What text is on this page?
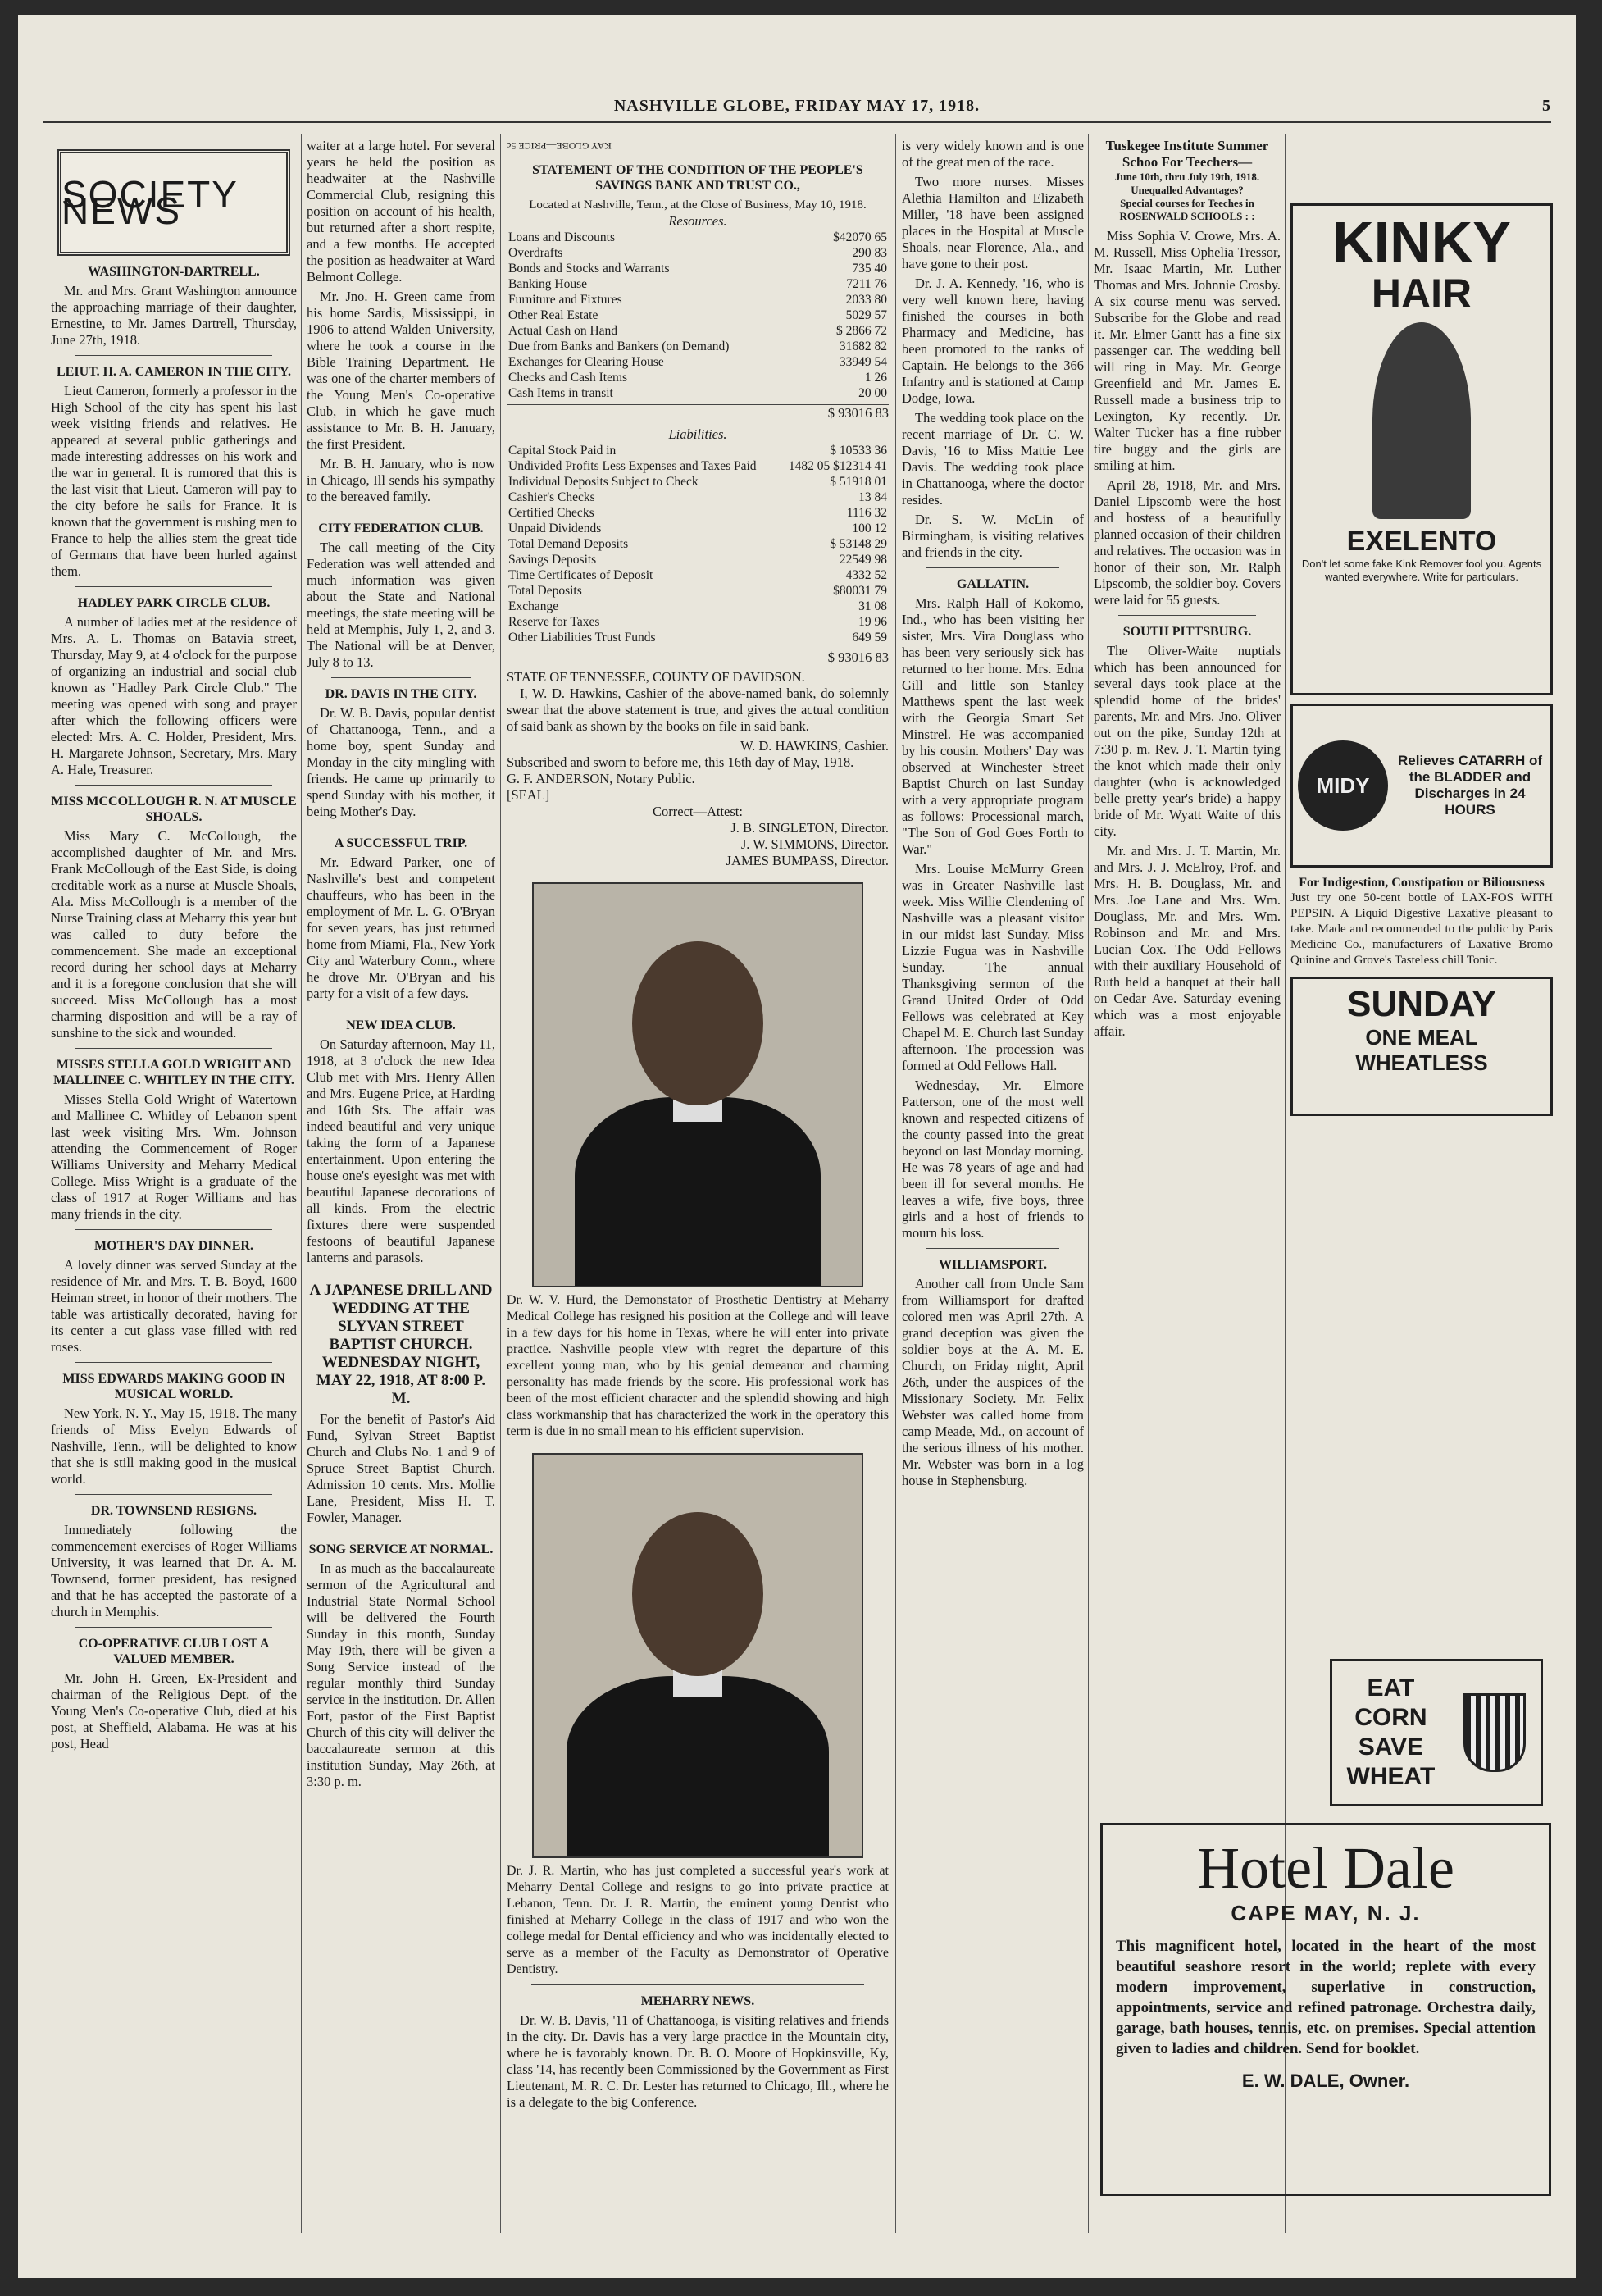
NASHVILLE GLOBE, FRIDAY MAY 17, 1918.	5
SOCIETY NEWS
WASHINGTON-DARTRELL.

Mr. and Mrs. Grant Washington announce the approaching marriage of their daughter, Ernestine, to Mr. James Dartrell, Thursday, June 27th, 1918.

LEIUT. H. A. CAMERON IN THE CITY.

Lieut Cameron, formerly a professor in the High School of the city has spent his last week visiting friends and relatives. He appeared at several public gatherings and made interesting addresses on his work and the war in general. It is rumored that this is the last visit that Lieut. Cameron will pay to the city before he sails for France. It is known that the government is rushing men to France to help the allies stem the great tide of Germans that have been hurled against them.

HADLEY PARK CIRCLE CLUB.

A number of ladies met at the residence of Mrs. A. L. Thomas on Batavia street, Thursday, May 9, at 4 o'clock for the purpose of organizing an industrial and social club known as "Hadley Park Circle Club." The meeting was opened with song and prayer after which the following officers were elected: Mrs. A. C. Holder, President, Mrs. H. Margarete Johnson, Secretary, Mrs. Mary A. Hale, Treasurer.

MISS MCCOLLOUGH R. N. AT MUSCLE SHOALS.

Miss Mary C. McCollough, the accomplished daughter of Mr. and Mrs. Frank McCollough of the East Side, is doing creditable work as a nurse at Muscle Shoals, Ala. Miss McCollough is a member of the Nurse Training class at Meharry this year but was called to duty before the commencement. She made an exceptional record during her school days at Meharry and it is a foregone conclusion that she will succeed. Miss McCollough has a most charming disposition and will be a ray of sunshine to the sick and wounded.

MISSES STELLA GOLD WRIGHT AND MALLINEE C. WHITLEY IN THE CITY.

Misses Stella Gold Wright of Watertown and Mallinee C. Whitley of Lebanon spent last week visiting Mrs. Wm. Johnson attending the Commencement of Roger Williams University and Meharry Medical College. Miss Wright is a graduate of the class of 1917 at Roger Williams and has many friends in the city.

MOTHER'S DAY DINNER.

A lovely dinner was served Sunday at the residence of Mr. and Mrs. T. B. Boyd, 1600 Heiman street, in honor of their mothers. The table was artistically decorated, having for its center a cut glass vase filled with red roses.

MISS EDWARDS MAKING GOOD IN MUSICAL WORLD.

New York, N. Y., May 15, 1918. The many friends of Miss Evelyn Edwards of Nashville, Tenn., will be delighted to know that she is still making good in the musical world.

DR. TOWNSEND RESIGNS.

Immediately following the commencement exercises of Roger Williams University, it was learned that Dr. A. M. Townsend, former president, has resigned and that he has accepted the pastorate of a church in Memphis.

CO-OPERATIVE CLUB LOST A VALUED MEMBER.

Mr. John H. Green, Ex-President and chairman of the Religious Dept. of the Young Men's Co-operative Club, died at his post, at Sheffield, Alabama. He was at his post, Head

waiter at a large hotel. For several years he held the position as headwaiter at the Nashville Commercial Club, resigning this position on account of his health, but returned after a short respite, and a few months. He accepted the position as headwaiter at Ward Belmont College.

Mr. Jno. H. Green came from his home Sardis, Mississippi, in 1906 to attend Walden University, where he took a course in the Bible Training Department. He was one of the charter members of the Young Men's Co-operative Club, in which he gave much assistance to Mr. B. H. January, the first President.

Mr. B. H. January, who is now in Chicago, Ill sends his sympathy to the bereaved family.

CITY FEDERATION CLUB.

The call meeting of the City Federation was well attended and much information was given about the State and National meetings, the state meeting will be held at Memphis, July 1, 2, and 3. The National will be at Denver, July 8 to 13.

DR. DAVIS IN THE CITY.

Dr. W. B. Davis, popular dentist of Chattanooga, Tenn., and a home boy, spent Sunday and Monday in the city mingling with friends. He came up primarily to spend Sunday with his mother, it being Mother's Day.

A SUCCESSFUL TRIP.

Mr. Edward Parker, one of Nashville's best and competent chauffeurs, who has been in the employment of Mr. L. G. O'Bryan for seven years, has just returned home from Miami, Fla., New York City and Waterbury Conn., where he drove Mr. O'Bryan and his party for a visit of a few days.

NEW IDEA CLUB.

On Saturday afternoon, May 11, 1918, at 3 o'clock the new Idea Club met with Mrs. Henry Allen and Mrs. Eugene Price, at Harding and 16th Sts. The affair was indeed beautiful and very unique taking the form of a Japanese entertainment. Upon entering the house one's eyesight was met with beautiful Japanese decorations of all kinds. From the electric fixtures there were suspended festoons of beautiful Japanese lanterns and parasols.

A JAPANESE DRILL AND WEDDING AT THE SLYVAN STREET BAPTIST CHURCH. WEDNESDAY NIGHT, MAY 22, 1918, AT 8:00 P. M.

For the benefit of Pastor's Aid Fund, Sylvan Street Baptist Church and Clubs No. 1 and 9 of Spruce Street Baptist Church. Admission 10 cents. Mrs. Mollie Lane, President, Miss H. T. Fowler, Manager.

SONG SERVICE AT NORMAL.

In as much as the baccalaureate sermon of the Agricultural and Industrial State Normal School will be delivered the Fourth Sunday in this month, Sunday May 19th, there will be given a Song Service instead of the regular monthly third Sunday service in the institution. Dr. Allen Fort, pastor of the First Baptist Church of this city will deliver the baccalaureate sermon at this institution Sunday, May 26th, at 3:30 p. m.

KAY GLOBE—PRICE 5c
STATEMENT OF THE CONDITION OF THE PEOPLE'S SAVINGS BANK AND TRUST CO.,
Located at Nashville, Tenn., at the Close of Business, May 10, 1918.
Resources.
Loans and Discounts	$42070 65
Overdrafts	290 83
Bonds and Stocks and Warrants	735 40
Banking House	7211 76
Furniture and Fixtures	2033 80
Other Real Estate	5029 57
Actual Cash on Hand	$ 2866 72
Due from Banks and Bankers (on Demand)	31682 82
Exchanges for Clearing House	33949 54
Checks and Cash Items	1 26
Cash Items in transit	20 00
$ 93016 83
Liabilities.
Capital Stock Paid in	$ 10533 36
Undivided Profits Less Expenses and Taxes Paid	1482 05 $12314 41
Individual Deposits Subject to Check	$ 51918 01
Cashier's Checks	13 84
Certified Checks	1116 32
Unpaid Dividends	100 12
Total Demand Deposits	$ 53148 29
Savings Deposits	22549 98
Time Certificates of Deposit	4332 52
Total Deposits	$80031 79
Exchange	31 08
Reserve for Taxes	19 96
Other Liabilities Trust Funds	649 59
$ 93016 83
STATE OF TENNESSEE, COUNTY OF DAVIDSON.

I, W. D. Hawkins, Cashier of the above-named bank, do solemnly swear that the above statement is true, and gives the actual condition of said bank as shown by the books on file in said bank.

W. D. HAWKINS, Cashier.
Subscribed and sworn to before me, this 16th day of May, 1918.
G. F. ANDERSON, Notary Public.
[SEAL]
Correct—Attest:
J. B. SINGLETON, Director.
J. W. SIMMONS, Director.
JAMES BUMPASS, Director.
Dr. W. V. Hurd, the Demonstator of Prosthetic Dentistry at Meharry Medical College has resigned his position at the College and will leave in a few days for his home in Texas, where he will enter into private practice. Nashville people view with regret the departure of this excellent young man, who by his genial demeanor and charming personality has made friends by the score. His professional work has been of the most efficient character and the splendid showing and high class workmanship that has characterized the work in the operatory this term is due in no small mean to his efficient supervision.
Dr. J. R. Martin, who has just completed a successful year's work at Meharry Dental College and resigns to go into private practice at Lebanon, Tenn. Dr. J. R. Martin, the eminent young Dentist who finished at Meharry College in the class of 1917 and who won the college medal for Dental efficiency and who was incidentally elected to serve as a member of the Faculty as Demonstrator of Operative Dentistry.
MEHARRY NEWS.

Dr. W. B. Davis, '11 of Chattanooga, is visiting relatives and friends in the city. Dr. Davis has a very large practice in the Mountain city, where he is favorably known. Dr. B. O. Moore of Hopkinsville, Ky, class '14, has recently been Commissioned by the Government as First Lieutenant, M. R. C. Dr. Lester has returned to Chicago, Ill., where he is a delegate to the big Conference.

is very widely known and is one of the great men of the race.

Two more nurses. Misses Alethia Hamilton and Elizabeth Miller, '18 have been assigned places in the Hospital at Muscle Shoals, near Florence, Ala., and have gone to their post.

Dr. J. A. Kennedy, '16, who is very well known here, having finished the courses in both Pharmacy and Medicine, has been promoted to the ranks of Captain. He belongs to the 366 Infantry and is stationed at Camp Dodge, Iowa.

The wedding took place on the recent marriage of Dr. C. W. Davis, '16 to Miss Mattie Lee Davis. The wedding took place in Chattanooga, where the doctor resides.

Dr. S. W. McLin of Birmingham, is visiting relatives and friends in the city.

GALLATIN.

Mrs. Ralph Hall of Kokomo, Ind., who has been visiting her sister, Mrs. Vira Douglass who has been very seriously sick has returned to her home. Mrs. Edna Gill and little son Stanley Matthews spent the last week with the Georgia Smart Set Minstrel. He was accompanied by his cousin. Mothers' Day was observed at Winchester Street Baptist Church on last Sunday with a very appropriate program as follows: Processional march, "The Son of God Goes Forth to War."

Mrs. Louise McMurry Green was in Greater Nashville last week. Miss Willie Clendening of Nashville was a pleasant visitor in our midst last Sunday. Miss Lizzie Fugua was in Nashville Sunday. The annual Thanksgiving sermon of the Grand United Order of Odd Fellows was celebrated at Key Chapel M. E. Church last Sunday afternoon. The procession was formed at Odd Fellows Hall.

Wednesday, Mr. Elmore Patterson, one of the most well known and respected citizens of the county passed into the great beyond on last Monday morning. He was 78 years of age and had been ill for several months. He leaves a wife, five boys, three girls and a host of friends to mourn his loss.

WILLIAMSPORT.

Another call from Uncle Sam from Williamsport for drafted colored men was April 27th. A grand deception was given the soldier boys at the A. M. E. Church, on Friday night, April 26th, under the auspices of the Missionary Society. Mr. Felix Webster was called home from camp Meade, Md., on account of the serious illness of his mother. Mr. Webster was born in a log house in Stephensburg.

Tuskegee Institute Summer Schoo For Teechers—
June 10th, thru July 19th, 1918. Unequalled Advantages?
Special courses for Teeches in ROSENWALD SCHOOLS : :

Miss Sophia V. Crowe, Mrs. A. M. Russell, Miss Ophelia Tressor, Mr. Isaac Martin, Mr. Luther Thomas and Mrs. Johnnie Crosby. A six course menu was served. Subscribe for the Globe and read it. Mr. Elmer Gantt has a fine six passenger car. The wedding bell will ring in May. Mr. George Greenfield and Mr. James E. Russell made a business trip to Lexington, Ky recently. Dr. Walter Tucker has a fine rubber tire buggy and the girls are smiling at him.

April 28, 1918, Mr. and Mrs. Daniel Lipscomb were the host and hostess of a beautifully planned occasion of their children and relatives. The occasion was in honor of their son, Mr. Ralph Lipscomb, the soldier boy. Covers were laid for 55 guests.

SOUTH PITTSBURG.

The Oliver-Waite nuptials which has been announced for several days took place at the splendid home of the brides' parents, Mr. and Mrs. Jno. Oliver out on the pike, Sunday 12th at 7:30 p. m. Rev. J. T. Martin tying the knot which made their only daughter (who is acknowledged belle pretty year's bride) a happy bride of Mr. Wyatt Waite of this city.

Mr. and Mrs. J. T. Martin, Mr. and Mrs. J. J. McElroy, Prof. and Mrs. H. B. Douglass, Mr. and Mrs. Joe Lane and Mrs. Wm. Douglass, Mr. and Mrs. Wm. Robinson and Mr. and Mrs. Lucian Cox. The Odd Fellows with their auxiliary Household of Ruth held a banquet at their hall on Cedar Ave. Saturday evening which was a most enjoyable affair.

KINKY
HAIR
EXELENTO
Don't let some fake Kink Remover fool you. Agents wanted everywhere. Write for particulars.
MIDY
Relieves CATARRH of the BLADDER and Discharges in 24 HOURS
For Indigestion, Constipation or Biliousness
Just try one 50-cent bottle of LAX-FOS WITH PEPSIN. A Liquid Digestive Laxative pleasant to take. Made and recommended to the public by Paris Medicine Co., manufacturers of Laxative Bromo Quinine and Grove's Tasteless chill Tonic.
SUNDAY
ONE MEAL WHEATLESS
EAT
CORN
SAVE
WHEAT
Hotel Dale
CAPE MAY, N. J.
This magnificent hotel, located in the heart of the most beautiful seashore resort in the world; replete with every modern improvement, superlative in construction, appointments, service and refined patronage. Orchestra daily, garage, bath houses, tennis, etc. on premises. Special attention given to ladies and children. Send for booklet.
E. W. DALE, Owner.
